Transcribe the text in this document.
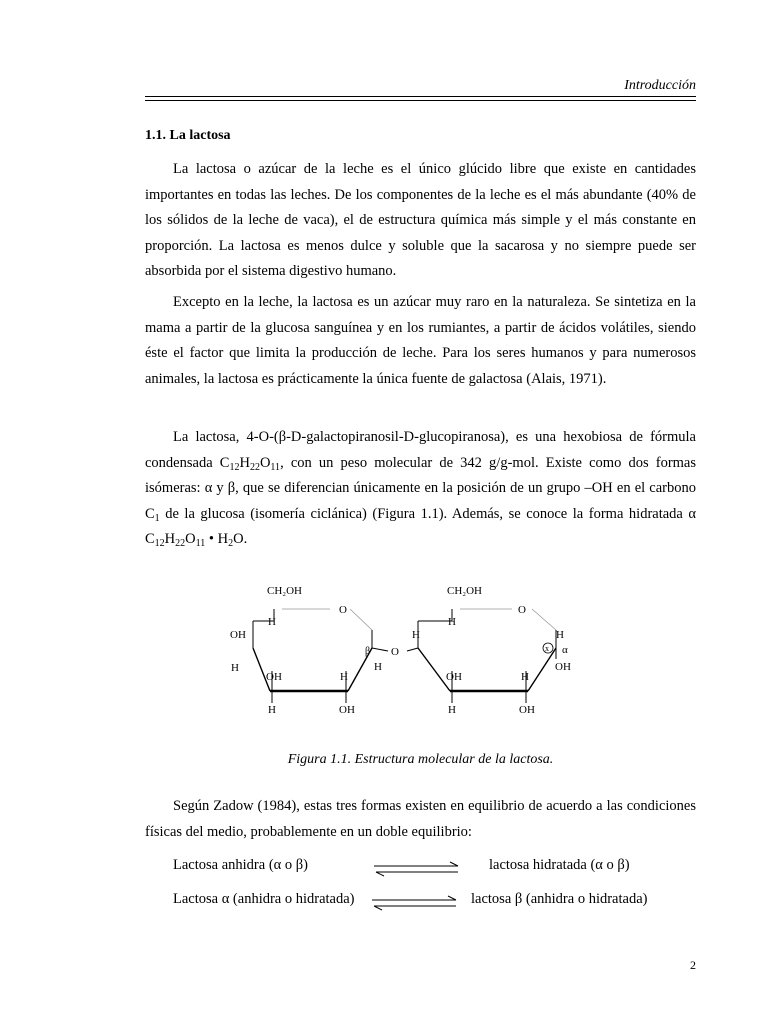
Introducción
1.1. La lactosa

La lactosa o azúcar de la leche es el único glúcido libre que existe en cantidades importantes en todas las leches. De los componentes de la leche es el más abundante (40% de los sólidos de la leche de vaca), el de estructura química más simple y el más constante en proporción. La lactosa es menos dulce y soluble que la sacarosa y no siempre puede ser absorbida por el sistema digestivo humano.

Excepto en la leche, la lactosa es un azúcar muy raro en la naturaleza. Se sintetiza en la mama a partir de la glucosa sanguínea y en los rumiantes, a partir de ácidos volátiles, siendo éste el factor que limita la producción de leche. Para los seres humanos y para numerosos animales, la lactosa es prácticamente la única fuente de galactosa (Alais, 1971).

La lactosa, 4-O-(β-D-galactopiranosil-D-glucopiranosa), es una hexobiosa de fórmula condensada $C_{12}H_{22}O_{11}$, con un peso molecular de 342 g/g-mol. Existe como dos formas isómeras: α y β, que se diferencian únicamente en la posición de un grupo –OH en el carbono $C_1$ de la glucosa (isomería ciclánica) (Figura 1.1). Además, se conoce la forma hidratada α $C_{12}H_{22}O_{11}$ • $H_2O$.

CH₂OH
O
H
OH
H
β O
H
OH	H
H	OH
CH₂OH
O
H
H	H
x α
OH
OH	H
H	OH
Figura 1.1. Estructura molecular de la lactosa.

Según Zadow (1984), estas tres formas existen en equilibrio de acuerdo a las condiciones físicas del medio, probablemente en un doble equilibrio:

Lactosa anhidra (α o β)	lactosa hidratada (α o β)
Lactosa α (anhidra o hidratada)	lactosa β (anhidra o hidratada)
2
